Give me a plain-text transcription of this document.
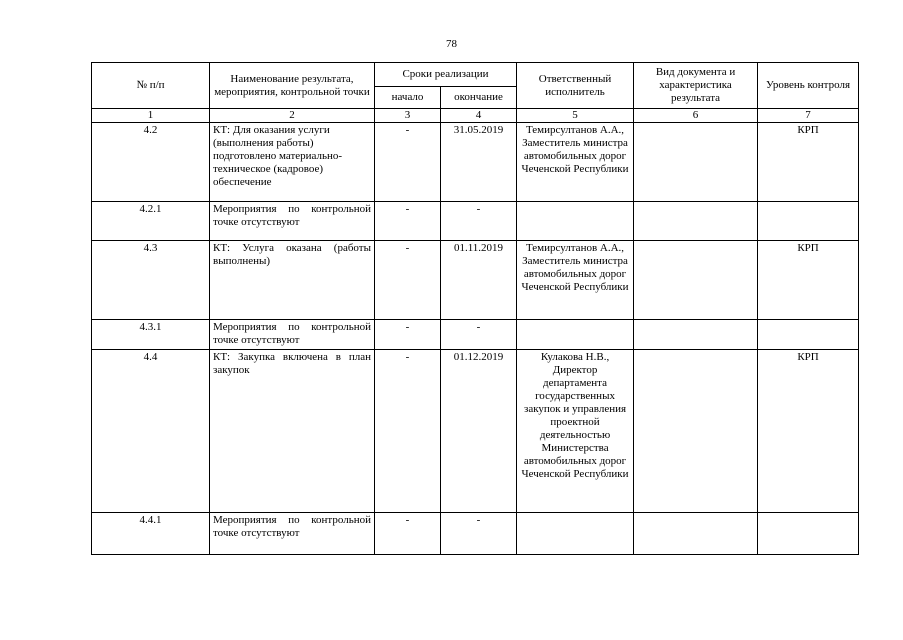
78
№ п/п	Наименование результата, мероприятия, контрольной точки	Сроки реализации		Ответственный исполнитель	Вид документа и характеристика результата	Уровень контроля
		начало	окончание			
1	2	3	4	5	6	7
4.2	КТ: Для оказания услуги (выполнения работы) подготовлено материально-техническое (кадровое) обеспечение	-	31.05.2019	Темирсултанов А.А., Заместитель министра автомобильных дорог Чеченской Республики		КРП
4.2.1	Мероприятия по контрольной точке отсутствуют	-	-			
4.3	КТ: Услуга оказана (работы выполнены)	-	01.11.2019	Темирсултанов А.А., Заместитель министра автомобильных дорог Чеченской Республики		КРП
4.3.1	Мероприятия по контрольной точке отсутствуют	-	-			
4.4	КТ: Закупка включена в план закупок	-	01.12.2019	Кулакова Н.В., Директор департамента государственных закупок и управления проектной деятельностью Министерства автомобильных дорог Чеченской Республики		КРП
4.4.1	Мероприятия по контрольной точке отсутствуют	-	-			
